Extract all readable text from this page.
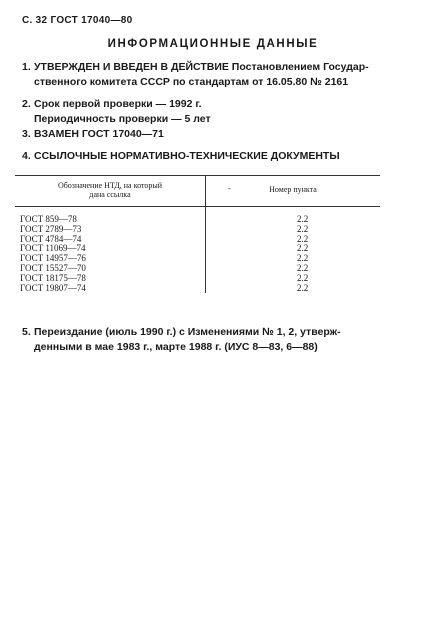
С. 32 ГОСТ 17040—80
ИНФОРМАЦИОННЫЕ ДАННЫЕ
1. УТВЕРЖДЕН И ВВЕДЕН В ДЕЙСТВИЕ Постановлением Государ-
ственного комитета СССР по стандартам от 16.05.80 № 2161
2. Срок первой проверки — 1992 г.
Периодичность проверки — 5 лет
3. ВЗАМЕН ГОСТ 17040—71
4. ССЫЛОЧНЫЕ НОРМАТИВНО-ТЕХНИЧЕСКИЕ ДОКУМЕНТЫ
Обозначение НТД, на который
дана ссылка
-	Номер пункта
ГОСТ 859—78
ГОСТ 2789—73
ГОСТ 4784—74
ГОСТ 11069—74
ГОСТ 14957—76
ГОСТ 15527—70
ГОСТ 18175—78
ГОСТ 19807—74
2.2
2.2
2.2
2.2
2.2
2.2
2.2
2.2
5. Переиздание (июль 1990 г.) с Изменениями № 1, 2, утверж-
денными в мае 1983 г., марте 1988 г. (ИУС 8—83, 6—88)
